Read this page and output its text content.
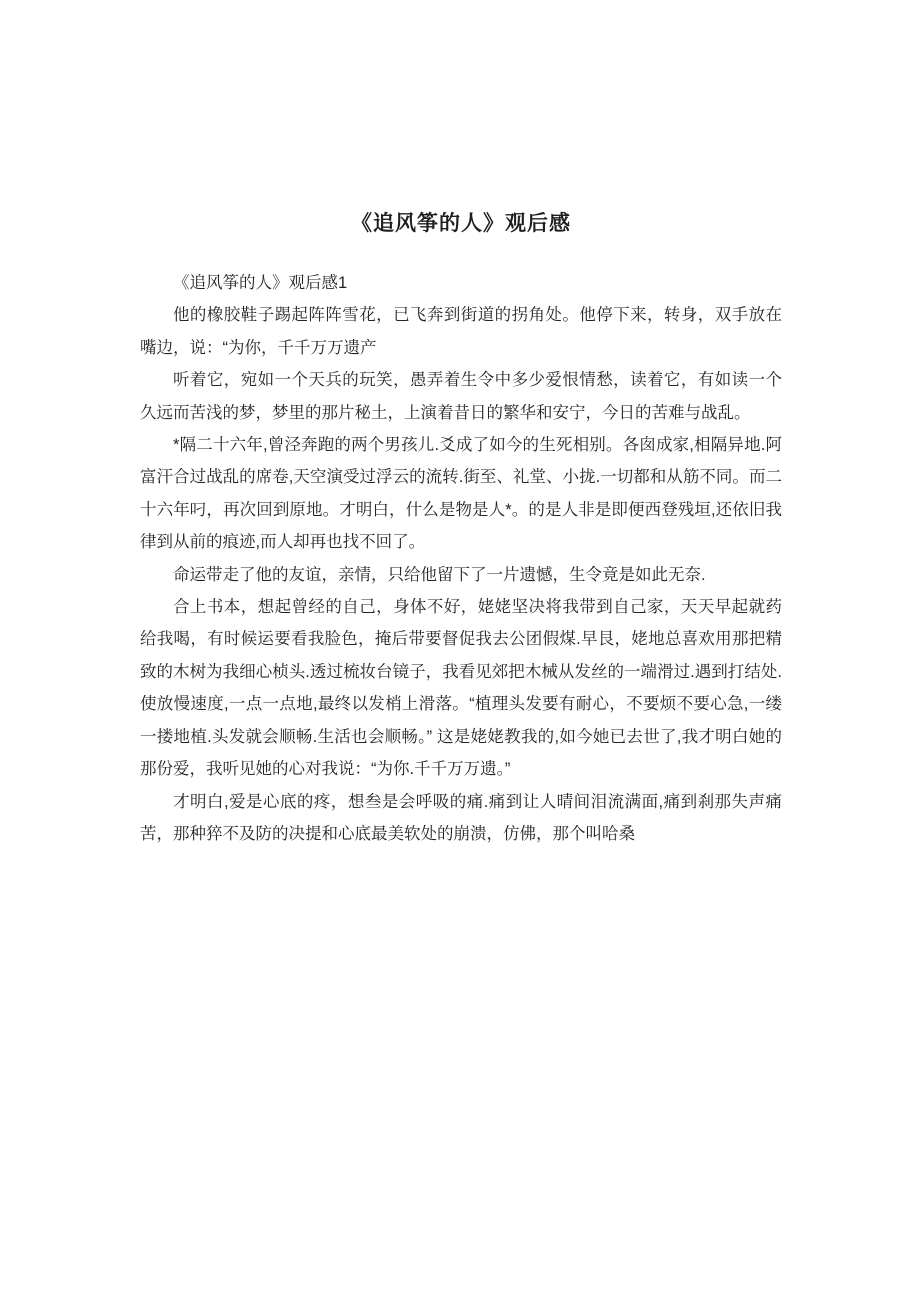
《追风筝的人》观后感

《追风筝的人》观后感1

他的橡胶鞋子踢起阵阵雪花，已飞奔到街道的拐角处。他停下来，转身，双手放在嘴边，说：“为你，千千万万遗产

听着它，宛如一个天兵的玩笑，愚弄着生令中多少爱恨情愁，读着它，有如读一个久远而苦浅的梦，梦里的那片秘土，上演着昔日的繁华和安宁，今日的苦难与战乱。

*隔二十六年,曾泾奔跑的两个男孩儿.爻成了如今的生死相别。各囱成家,相隔异地.阿富汗合过战乱的席卷,天空演受过浮云的流转.街至、礼堂、小拢.一切都和从筋不同。而二十六年叼，再次回到原地。才明白，什么是物是人*。的是人非是即便西登残垣,还依旧我律到从前的痕迹,而人却再也找不回了。

命运带走了他的友谊，亲情，只给他留下了一片遗憾，生令竟是如此无奈.

合上书本，想起曾经的自己，身体不好，姥姥坚决将我带到自己家，天天早起就药给我喝，有时候运要看我脸色，掩后带要督促我去公团假煤.早艮，姥地总喜欢用那把精致的木树为我细心桢头.透过梳妆台镜子，我看见郊把木械从发丝的一端滑过.遇到打结处.使放慢速度,一点一点地,最终以发梢上滑落。“植理头发要有耐心，不要烦不要心急,一缕一搂地植.头发就会顺畅.生活也会顺畅。” 这是姥姥教我的,如今她已去世了,我才明白她的那份爱，我听见她的心对我说：“为你.千千万万遗。”

才明白,爱是心底的疼，想叁是会呼吸的痛.痛到让人晴间泪流满面,痛到刹那失声痛苦，那种猝不及防的决提和心底最美软处的崩溃，仿佛，那个叫哈桑
